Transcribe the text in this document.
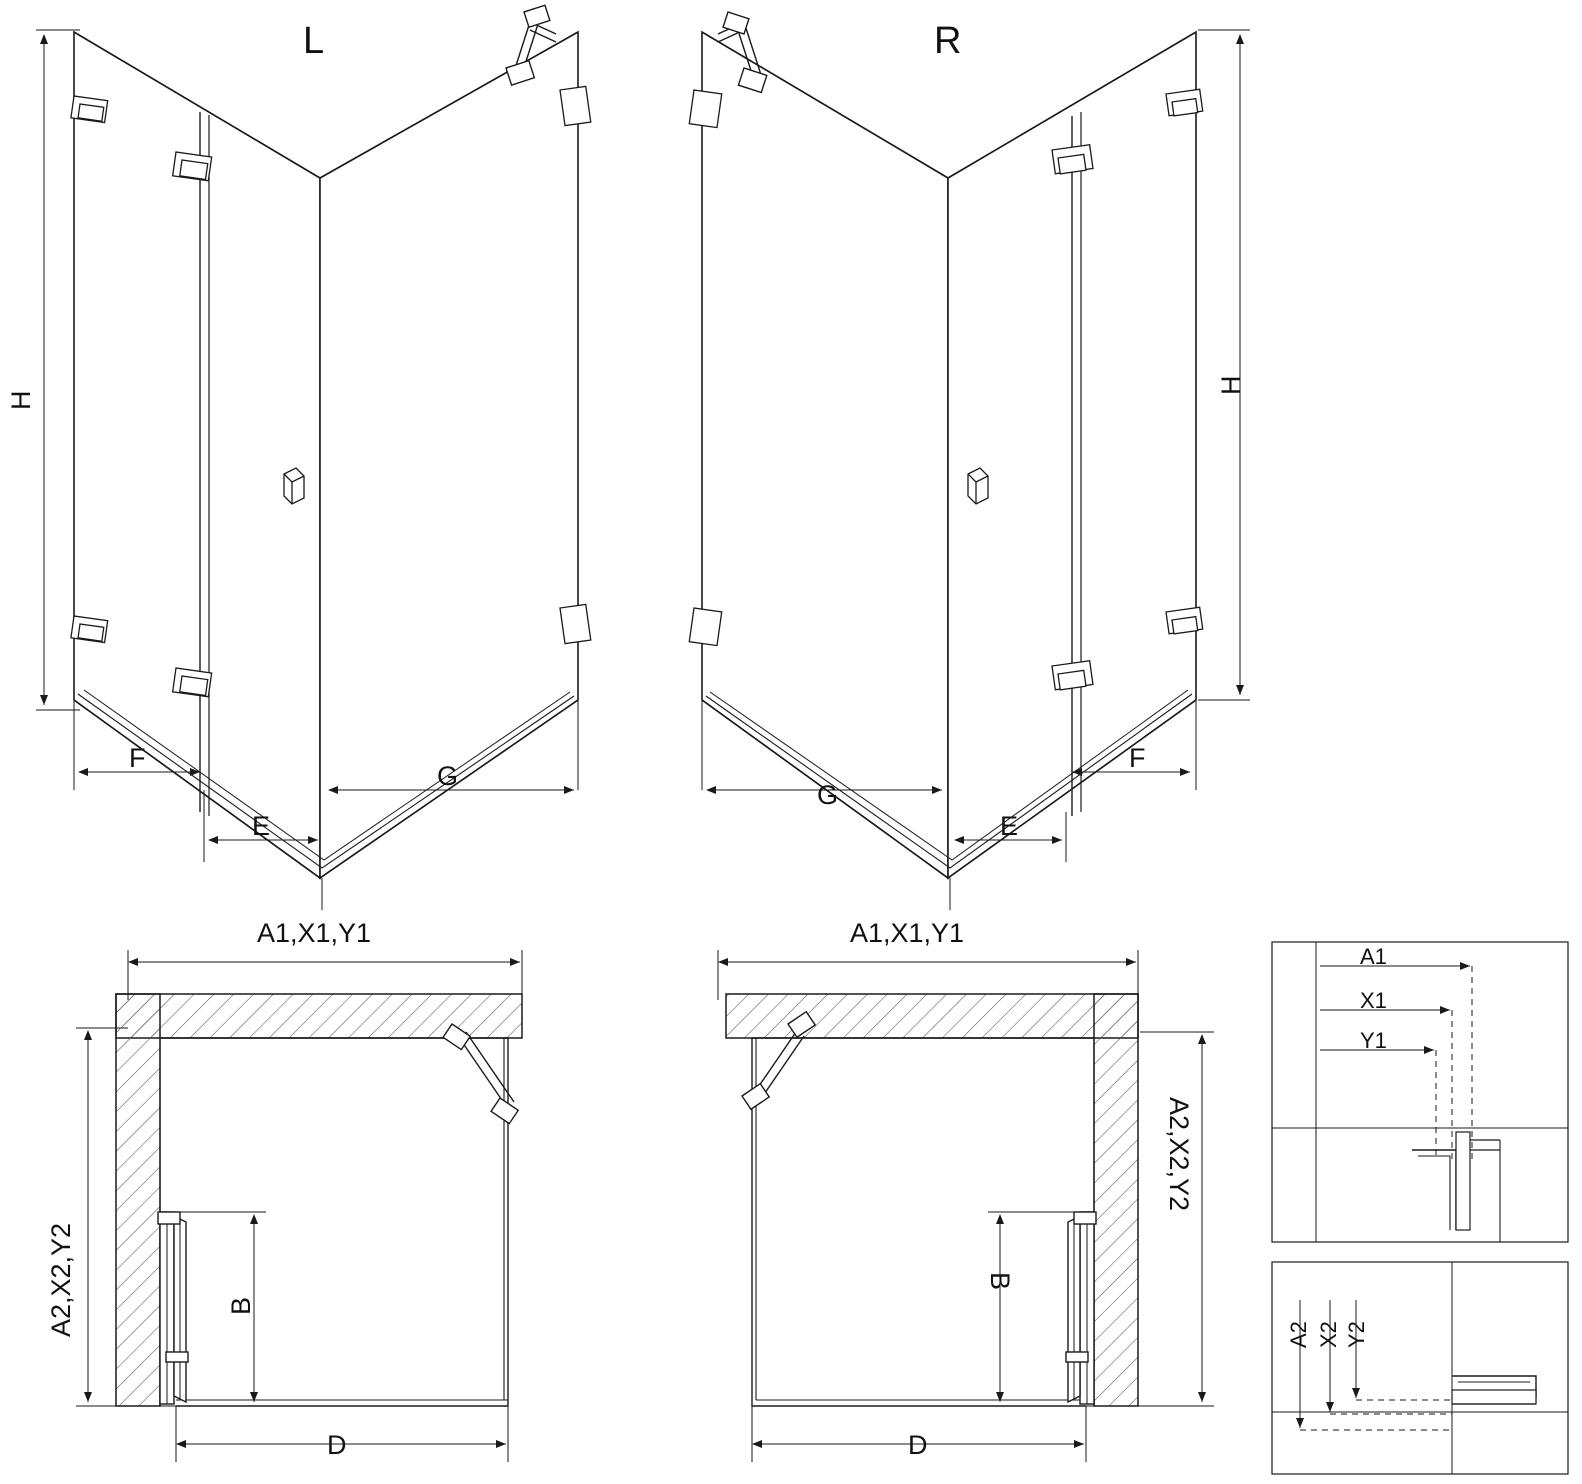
L	R
H
F
E
G
H
G
E
F
A1,X1,Y1
A2,X2,Y2	B
D
A1,X1,Y1
A2,X2,Y2
B
D
A1
X1
Y1
A2 X2 Y2
